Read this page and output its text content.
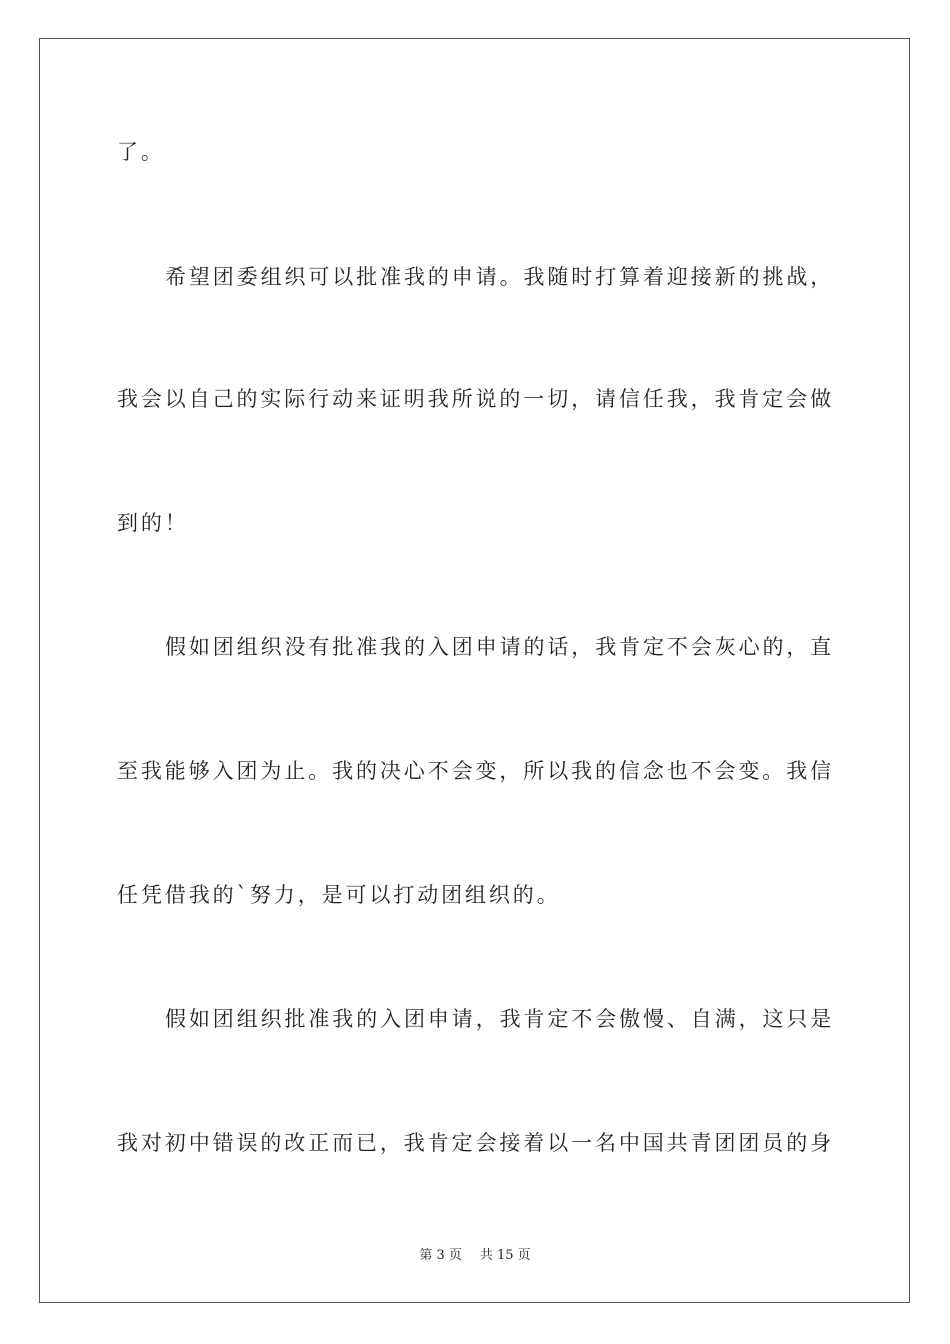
了。
希望团委组织可以批准我的申请。我随时打算着迎接新的挑战，
我会以自己的实际行动来证明我所说的一切，请信任我，我肯定会做
到的！
假如团组织没有批准我的入团申请的话，我肯定不会灰心的，直
至我能够入团为止。我的决心不会变，所以我的信念也不会变。我信
任凭借我的`努力，是可以打动团组织的。
假如团组织批准我的入团申请，我肯定不会傲慢、自满，这只是
我对初中错误的改正而已，我肯定会接着以一名中国共青团团员的身
第 3 页 共 15 页
